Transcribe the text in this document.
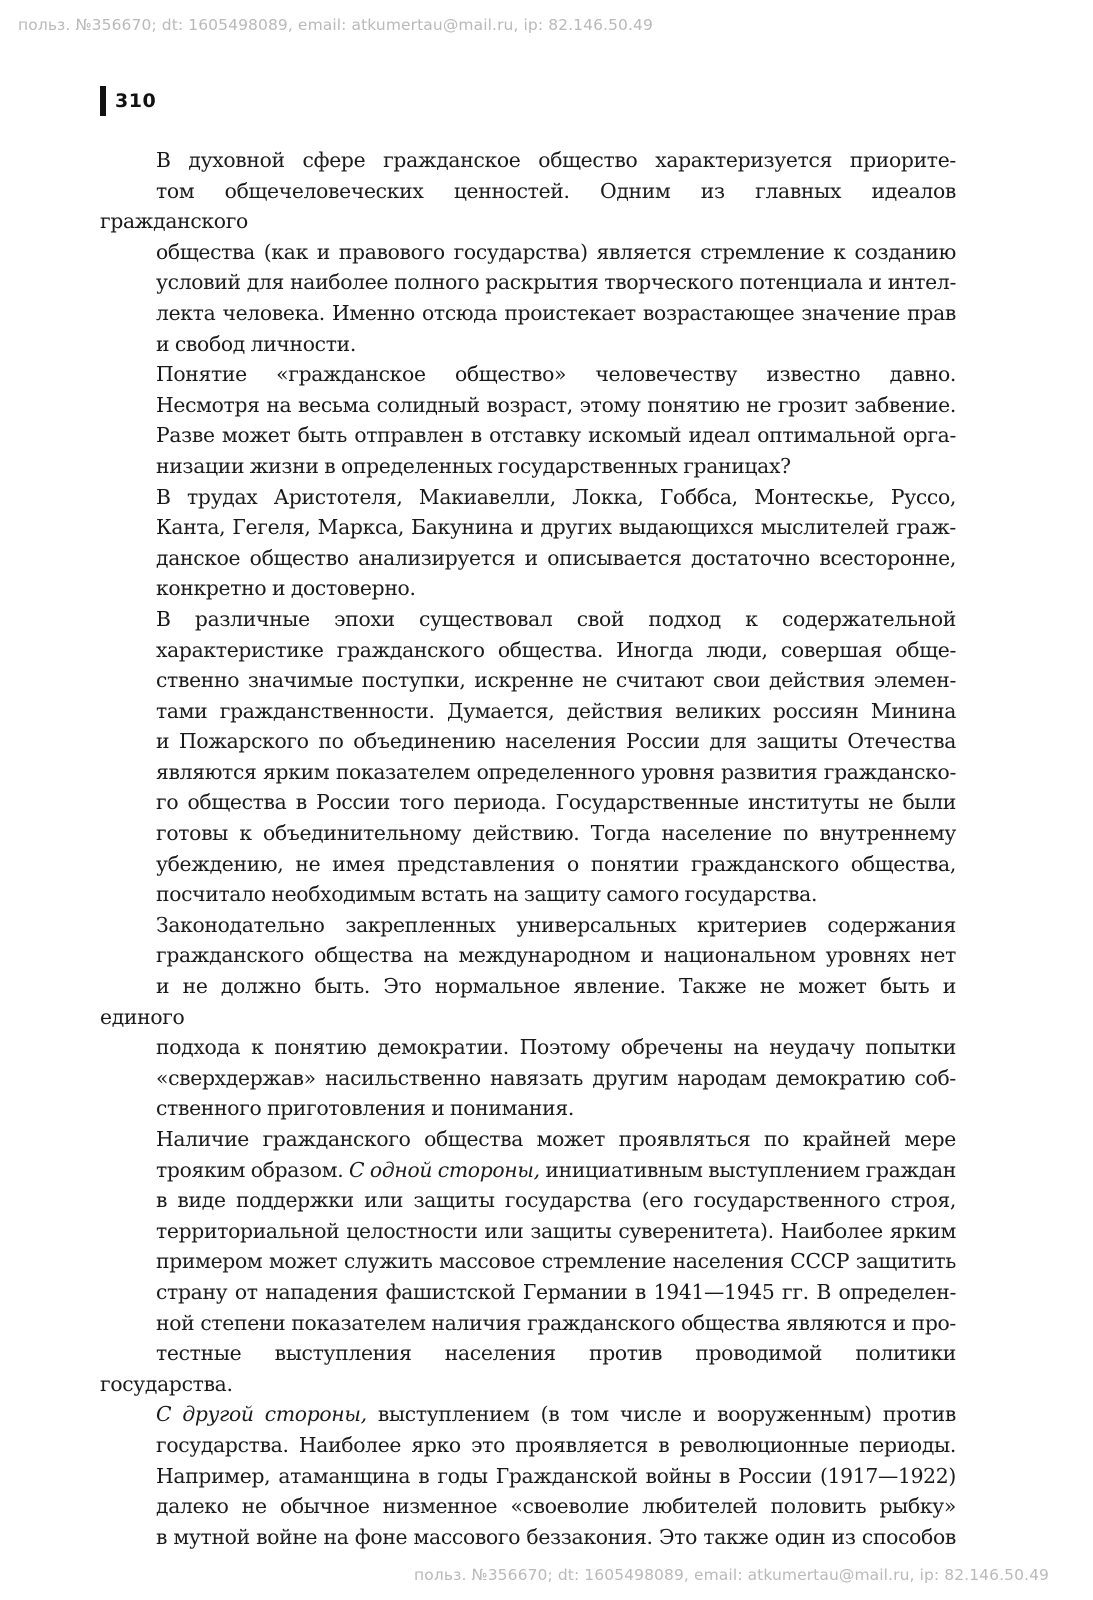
польз. №356670; dt: 1605498089, email: atkumertau@mail.ru, ip: 82.146.50.49
310

В духовной сфере гражданское общество характеризуется приорите-
том общечеловеческих ценностей. Одним из главных идеалов гражданского
общества (как и правового государства) является стремление к созданию
условий для наиболее полного раскрытия творческого потенциала и интел-
лекта человека. Именно отсюда проистекает возрастающее значение прав
и свобод личности.

Понятие «гражданское общество» человечеству известно давно.
Несмотря на весьма солидный возраст, этому понятию не грозит забвение.
Разве может быть отправлен в отставку искомый идеал оптимальной орга-
низации жизни в определенных государственных границах?

В трудах Аристотеля, Макиавелли, Локка, Гоббса, Монтескье, Руссо,
Канта, Гегеля, Маркса, Бакунина и других выдающихся мыслителей граж-
данское общество анализируется и описывается достаточно всесторонне,
конкретно и достоверно.

В различные эпохи существовал свой подход к содержательной
характеристике гражданского общества. Иногда люди, совершая обще-
ственно значимые поступки, искренне не считают свои действия элемен-
тами гражданственности. Думается, действия великих россиян Минина
и Пожарского по объединению населения России для защиты Отечества
являются ярким показателем определенного уровня развития гражданско-
го общества в России того периода. Государственные институты не были
готовы к объединительному действию. Тогда население по внутреннему
убеждению, не имея представления о понятии гражданского общества,
посчитало необходимым встать на защиту самого государства.

Законодательно закрепленных универсальных критериев содержания
гражданского общества на международном и национальном уровнях нет
и не должно быть. Это нормальное явление. Также не может быть и единого
подхода к понятию демократии. Поэтому обречены на неудачу попытки
«сверхдержав» насильственно навязать другим народам демократию соб-
ственного приготовления и понимания.

Наличие гражданского общества может проявляться по крайней мере
трояким образом. С одной стороны, инициативным выступлением граждан
в виде поддержки или защиты государства (его государственного строя,
территориальной целостности или защиты суверенитета). Наиболее ярким
примером может служить массовое стремление населения СССР защитить
страну от нападения фашистской Германии в 1941—1945 гг. В определен-
ной степени показателем наличия гражданского общества являются и про-
тестные выступления населения против проводимой политики государства.

С другой стороны, выступлением (в том числе и вооруженным) против
государства. Наиболее ярко это проявляется в революционные периоды.
Например, атаманщина в годы Гражданской войны в России (1917—1922)
далеко не обычное низменное «своеволие любителей половить рыбку»
в мутной войне на фоне массового беззакония. Это также один из способов

польз. №356670; dt: 1605498089, email: atkumertau@mail.ru, ip: 82.146.50.49
